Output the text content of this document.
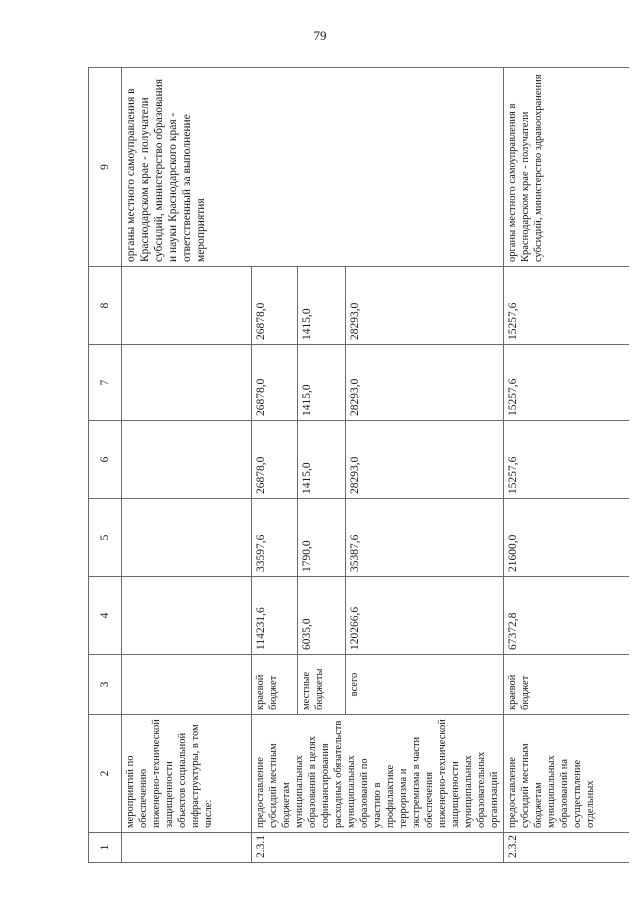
79
1	2	3	4	5	6	7	8	9
	мероприятий по обеспечению инженерно-технической защищенности объектов социальной инфраструктуры, в том числе:							органы местного самоуправления в Краснодарском крае - получатели субсидий, министерство образования и науки Краснодарского края - ответственный за выполнение мероприятия
2.3.1	предоставление субсидий местным бюджетам муниципальных образований в целях софинансирования расходных обязательств муниципальных образований по участию в профилактике терроризма и экстремизма в части обеспечения инженерно-технической защищенности муниципальных образовательных организаций	краевой бюджет	114231,6	33597,6	26878,0	26878,0	26878,0	
		местные бюджеты	6035,0	1790,0	1415,0	1415,0	1415,0	
		всего	120266,6	35387,6	28293,0	28293,0	28293,0	
2.3.2	предоставление субсидий местным бюджетам муниципальных образований на осуществление отдельных	краевой бюджет	67372,8	21600,0	15257,6	15257,6	15257,6	органы местного самоуправления в Краснодарском крае - получатели субсидий, министерство здравоохранения
